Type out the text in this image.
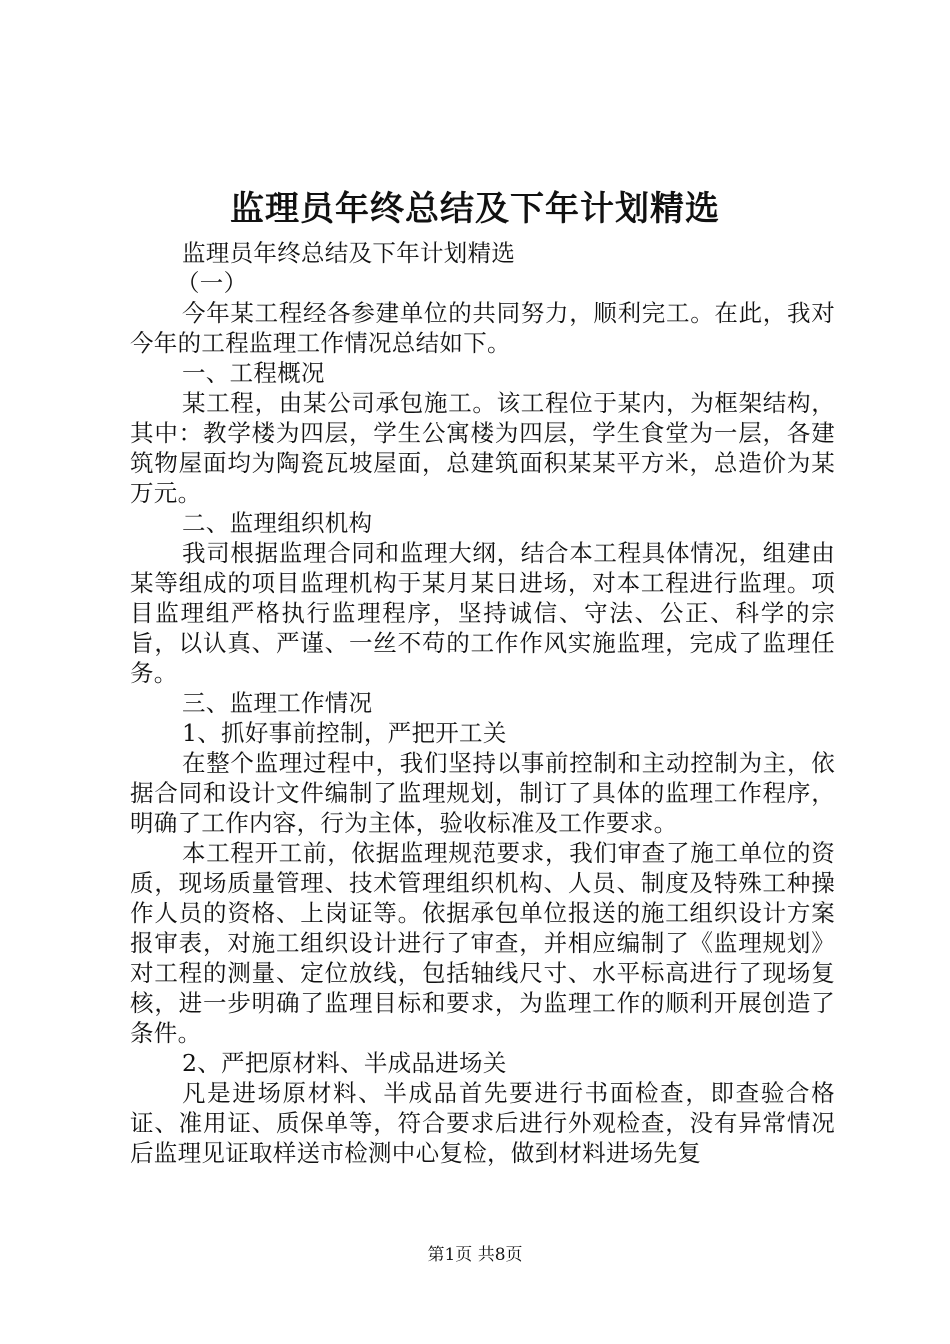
监理员年终总结及下年计划精选

监理员年终总结及下年计划精选

（一）

今年某工程经各参建单位的共同努力，顺利完工。在此，我对今年的工程监理工作情况总结如下。

一、工程概况

某工程，由某公司承包施工。该工程位于某内，为框架结构，其中：教学楼为四层，学生公寓楼为四层，学生食堂为一层，各建筑物屋面均为陶瓷瓦坡屋面，总建筑面积某某平方米，总造价为某万元。

二、监理组织机构

我司根据监理合同和监理大纲，结合本工程具体情况，组建由某等组成的项目监理机构于某月某日进场，对本工程进行监理。项目监理组严格执行监理程序，坚持诚信、守法、公正、科学的宗旨，以认真、严谨、一丝不苟的工作作风实施监理，完成了监理任务。

三、监理工作情况

1、抓好事前控制，严把开工关

在整个监理过程中，我们坚持以事前控制和主动控制为主，依据合同和设计文件编制了监理规划，制订了具体的监理工作程序，明确了工作内容，行为主体，验收标准及工作要求。

本工程开工前，依据监理规范要求，我们审查了施工单位的资质，现场质量管理、技术管理组织机构、人员、制度及特殊工种操作人员的资格、上岗证等。依据承包单位报送的施工组织设计方案报审表，对施工组织设计进行了审查，并相应编制了《监理规划》对工程的测量、定位放线，包括轴线尺寸、水平标高进行了现场复核，进一步明确了监理目标和要求，为监理工作的顺利开展创造了条件。

2、严把原材料、半成品进场关

凡是进场原材料、半成品首先要进行书面检查，即查验合格证、准用证、质保单等，符合要求后进行外观检查，没有异常情况后监理见证取样送市检测中心复检，做到材料进场先复

第1页 共8页
